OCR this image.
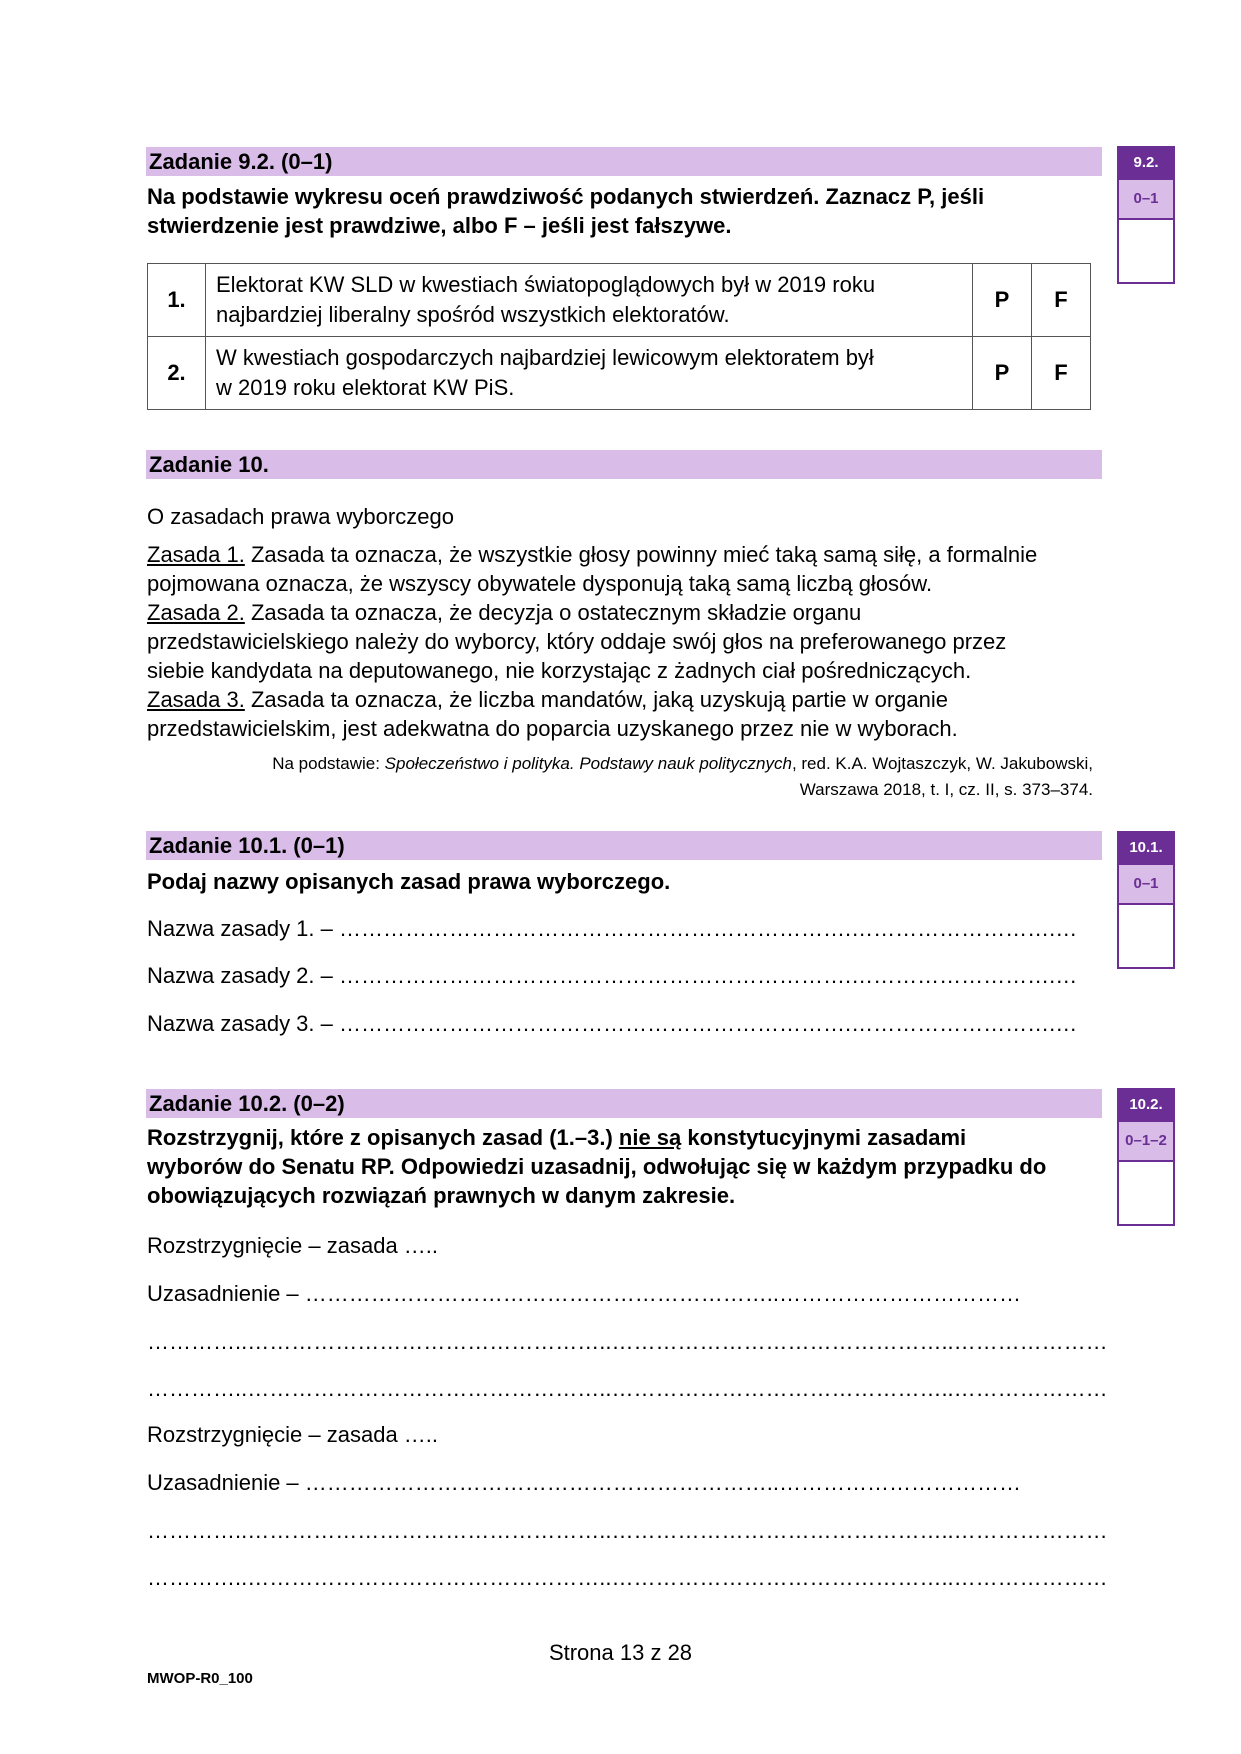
Zadanie 9.2. (0–1)
Na podstawie wykresu oceń prawdziwość podanych stwierdzeń. Zaznacz P, jeśli
stwierdzenie jest prawdziwe, albo F – jeśli jest fałszywe.
1.	Elektorat KW SLD w kwestiach światopoglądowych był w 2019 roku
najbardziej liberalny spośród wszystkich elektoratów.	P	F
2.	W kwestiach gospodarczych najbardziej lewicowym elektoratem był
w 2019 roku elektorat KW PiS.	P	F
9.2.
0–1
Zadanie 10.
O zasadach prawa wyborczego
Zasada 1. Zasada ta oznacza, że wszystkie głosy powinny mieć taką samą siłę, a formalnie
pojmowana oznacza, że wszyscy obywatele dysponują taką samą liczbą głosów.
Zasada 2. Zasada ta oznacza, że decyzja o ostatecznym składzie organu
przedstawicielskiego należy do wyborcy, który oddaje swój głos na preferowanego przez
siebie kandydata na deputowanego, nie korzystając z żadnych ciał pośredniczących.
Zasada 3. Zasada ta oznacza, że liczba mandatów, jaką uzyskują partie w organie
przedstawicielskim, jest adekwatna do poparcia uzyskanego przez nie w wyborach.
Na podstawie: Społeczeństwo i polityka. Podstawy nauk politycznych, red. K.A. Wojtaszczyk, W. Jakubowski,
Warszawa 2018, t. I, cz. II, s. 373–374.
Zadanie 10.1. (0–1)
Podaj nazwy opisanych zasad prawa wyborczego.
Nazwa zasady 1. – …………………………………………………………….……………………….…
Nazwa zasady 2. – …………………………………………………………….……………………….…
Nazwa zasady 3. – …………………………………………………………….……………………….…
10.1.
0–1
Zadanie 10.2. (0–2)
Rozstrzygnij, które z opisanych zasad (1.–3.) nie są konstytucyjnymi zasadami
wyborów do Senatu RP. Odpowiedzi uzasadnij, odwołując się w każdym przypadku do
obowiązujących rozwiązań prawnych w danym zakresie.
Rozstrzygnięcie – zasada …..
Uzasadnienie – ………………………………………………………..……………………………
…………..…………………………………………..………………………………………..…………………
…………..…………………………………………..………………………………………..…………………
Rozstrzygnięcie – zasada …..
Uzasadnienie – ………………………………………………………..……………………………
…………..…………………………………………..………………………………………..…………………
…………..…………………………………………..………………………………………..…………………
10.2.
0–1–2
Strona 13 z 28
MWOP-R0_100
